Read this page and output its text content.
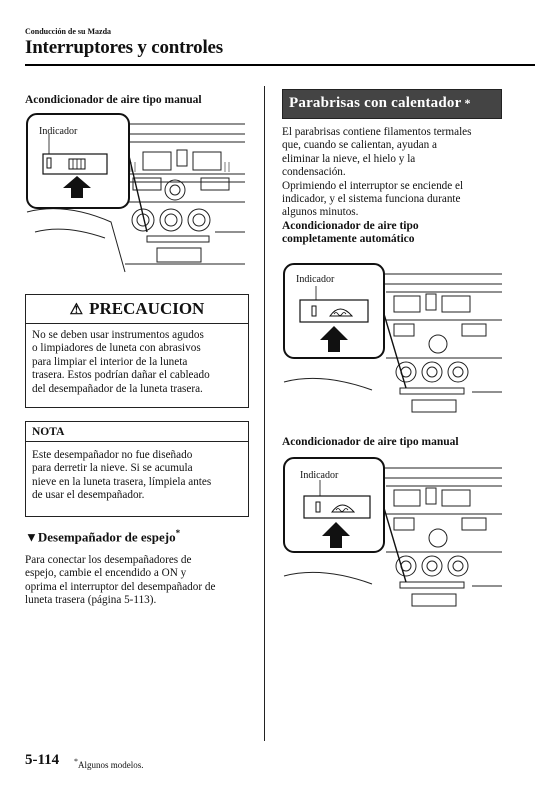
Conducción de su Mazda
Interruptores y controles
Acondicionador de aire tipo manual
Indicador
⚠ PRECAUCION
No se deben usar instrumentos agudos
o limpiadores de luneta con abrasivos
para limpiar el interior de la luneta
trasera. Estos podrían dañar el cableado
del desempañador de la luneta trasera.
NOTA
Este desempañador no fue diseñado
para derretir la nieve. Si se acumula
nieve en la luneta trasera, límpiela antes
de usar el desempañador.
▼Desempañador de espejo*
Para conectar los desempañadores de
espejo, cambie el encendido a ON y
oprima el interruptor del desempañador de
luneta trasera (página 5-113).
Parabrisas con calentador *
El parabrisas contiene filamentos termales
que, cuando se calientan, ayudan a
eliminar la nieve, el hielo y la
condensación.
Oprimiendo el interruptor se enciende el
indicador, y el sistema funciona durante
algunos minutos.
Acondicionador de aire tipo
completamente automático
Indicador
Acondicionador de aire tipo manual
Indicador
5-114 *Algunos modelos.
